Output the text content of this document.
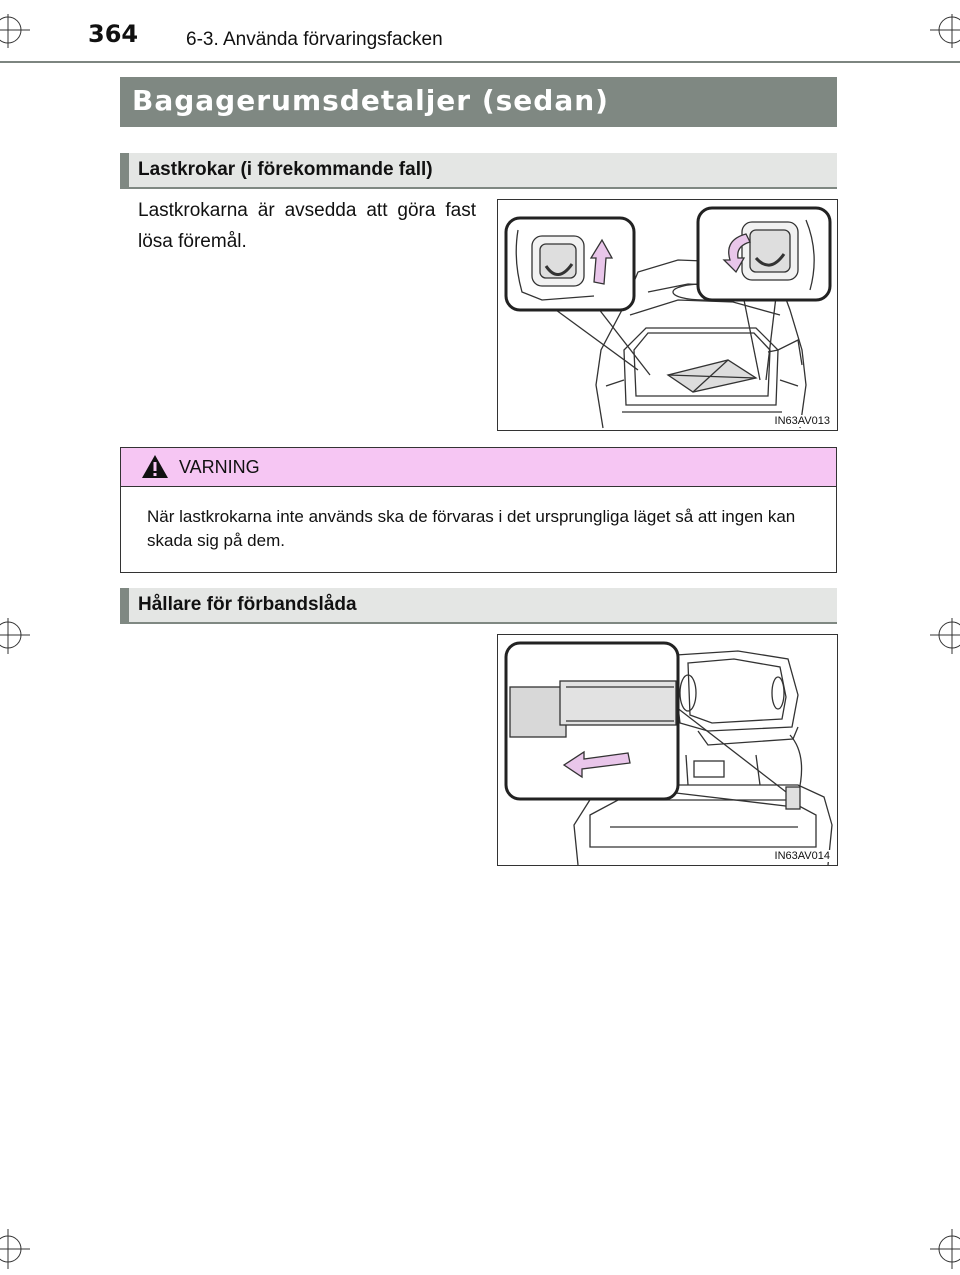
364	6-3. Använda förvaringsfacken
Bagagerumsdetaljer (sedan)
Lastkrokar (i förekommande fall)
Lastkrokarna är avsedda att göra fast lösa föremål.
IN63AV013
VARNING
När lastkrokarna inte används ska de förvaras i det ursprungliga läget så att ingen kan skada sig på dem.
Hållare för förbandslåda
IN63AV014
